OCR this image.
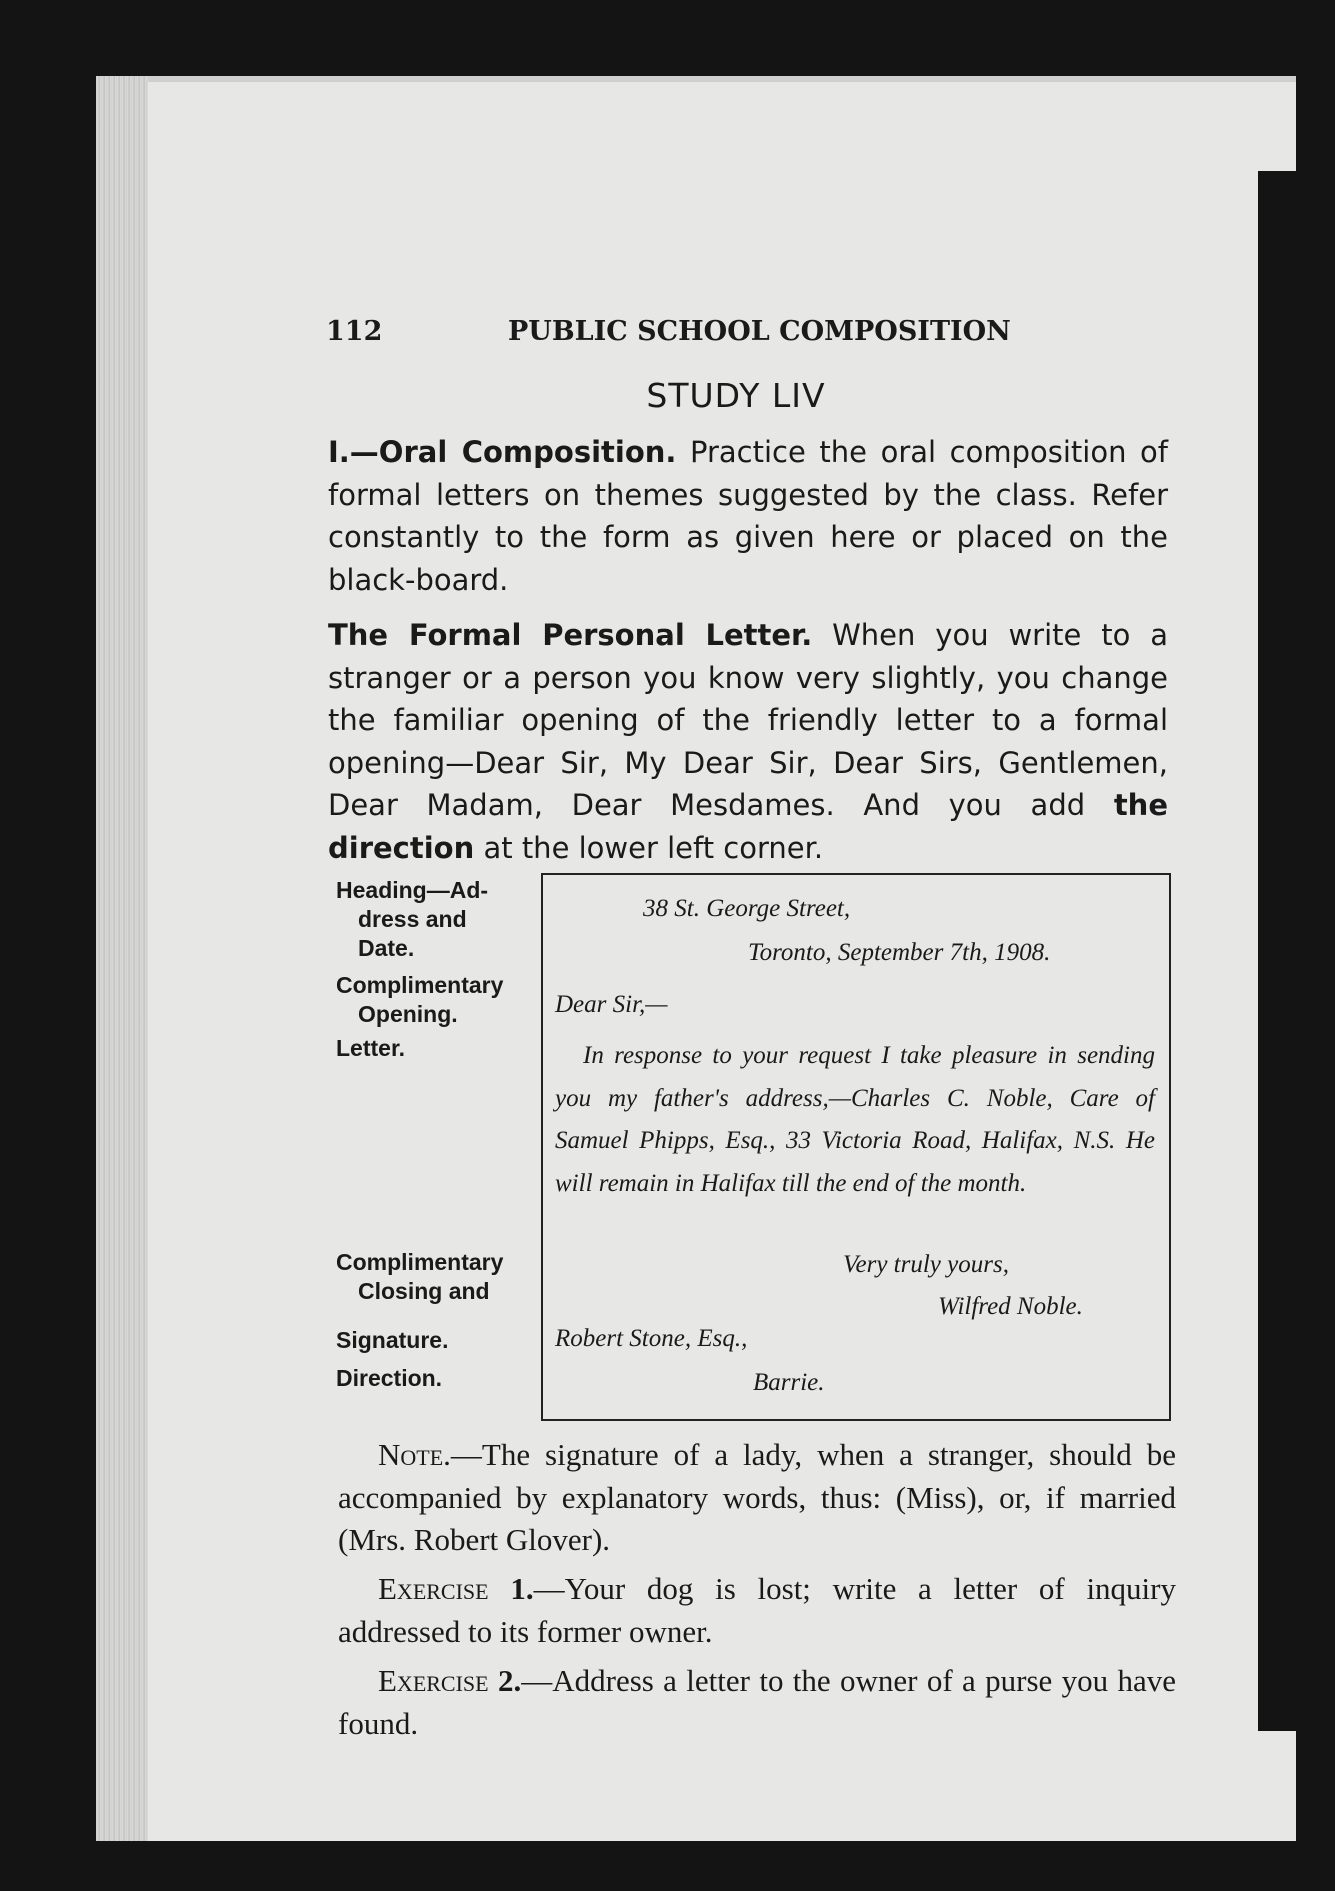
112	PUBLIC SCHOOL COMPOSITION
STUDY LIV

I.—Oral Composition. Practice the oral composition of formal letters on themes suggested by the class. Refer constantly to the form as given here or placed on the black-board.

The Formal Personal Letter. When you write to a stranger or a person you know very slightly, you change the familiar opening of the friendly letter to a formal opening—Dear Sir, My Dear Sir, Dear Sirs, Gentlemen, Dear Madam, Dear Mesdames. And you add the direction at the lower left corner.

Heading—Ad-
dress and
Date.
Complimentary
Opening.
Letter.
Complimentary
Closing and
Signature.
Direction.
38 St. George Street,
Toronto, September 7th, 1908.
Dear Sir,—

In response to your request I take pleasure in sending you my father's address,—Charles C. Noble, Care of Samuel Phipps, Esq., 33 Victoria Road, Halifax, N.S. He will remain in Halifax till the end of the month.

Very truly yours,
Wilfred Noble.
Robert Stone, Esq.,
Barrie.

Note.—The signature of a lady, when a stranger, should be accompanied by explanatory words, thus: (Miss), or, if married (Mrs. Robert Glover).

Exercise 1.—Your dog is lost; write a letter of inquiry addressed to its former owner.

Exercise 2.—Address a letter to the owner of a purse you have found.
